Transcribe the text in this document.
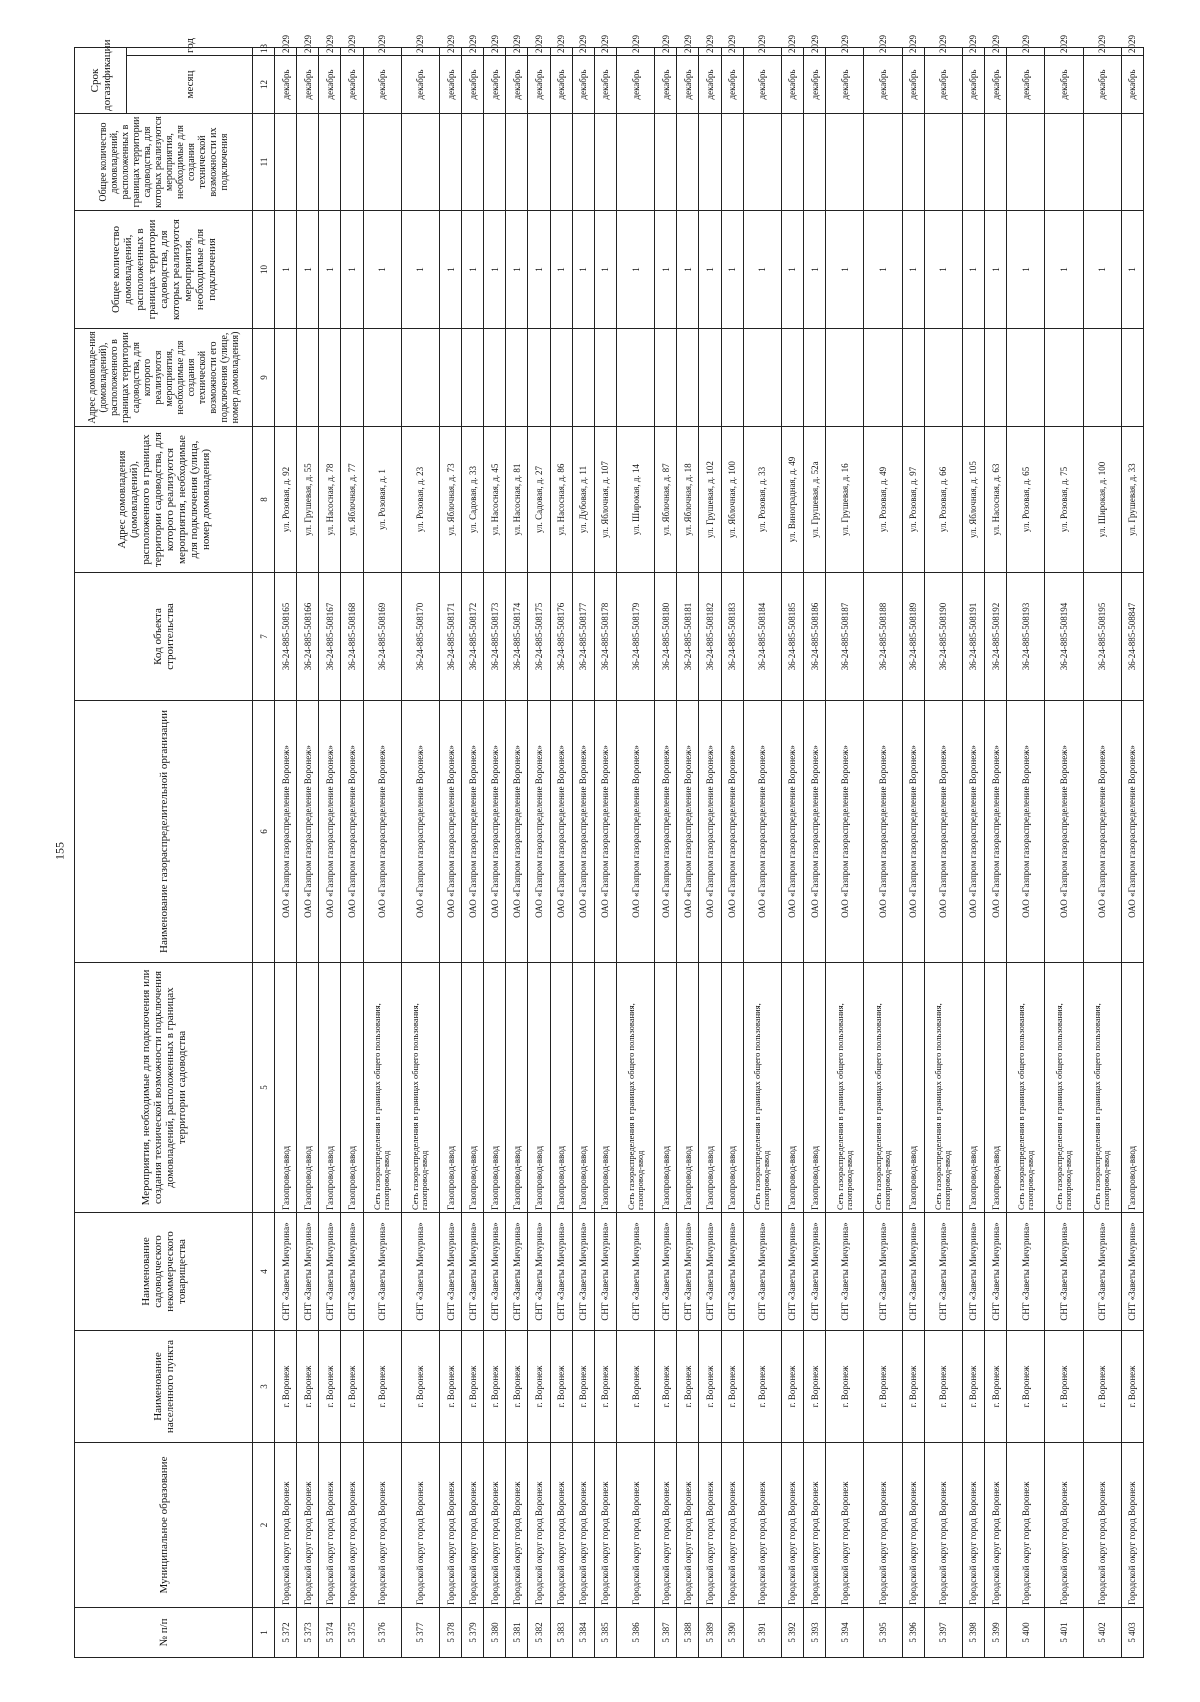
155
№ п/п	Муниципальное образование	Наименование населенного пункта	Наименование садоводческого некоммерческого товарищества	Мероприятия, необходимые для подключения или создания технической возможности подключения домовладений, расположенных в границах территории садоводства	Наименование газораспределительной организации	Код объекта строительства	Адрес домовладения (домовладений), расположенного в границах территории садоводства, для которого реализуются мероприятия, необходимые для подключения (улица, номер домовладения)	Адрес домовладе-ния (домовладений), расположенного в границах территории садоводства, для которого реализуются мероприятия, необходимые для создания технической возможности его подключения (улице, номер домовладения)	Общее количество домовладений, расположенных в границах территории садоводства, для которых реализуются мероприятия, необходимые для подключения	Общее количество домовладений, расположенных в границах территории садоводства, для которых реализуются мероприятия, необходимые для создания технической возможности их подключения	Срок догазификации	
											месяц	год
1	2	3	4	5	6	7	8	9	10	11	12	13
5 372	Городской округ город Воронеж	г. Воронеж	СНТ «Заветы Мичурина»	Газопровод-ввод	ОАО «Газпром газораспределение Воронеж»	36-24-885-508165	ул. Розовая, д. 92		1		декабрь	2029
5 373	Городской округ город Воронеж	г. Воронеж	СНТ «Заветы Мичурина»	Газопровод-ввод	ОАО «Газпром газораспределение Воронеж»	36-24-885-508166	ул. Грушевая, д. 55		1		декабрь	2029
5 374	Городской округ город Воронеж	г. Воронеж	СНТ «Заветы Мичурина»	Газопровод-ввод	ОАО «Газпром газораспределение Воронеж»	36-24-885-508167	ул. Насосная, д. 78		1		декабрь	2029
5 375	Городской округ город Воронеж	г. Воронеж	СНТ «Заветы Мичурина»	Газопровод-ввод	ОАО «Газпром газораспределение Воронеж»	36-24-885-508168	ул. Яблочная, д. 77		1		декабрь	2029
5 376	Городской округ город Воронеж	г. Воронеж	СНТ «Заветы Мичурина»	Сеть газораспределения в границах общего пользования, газопровод-ввод	ОАО «Газпром газораспределение Воронеж»	36-24-885-508169	ул. Розовая, д. 1		1		декабрь	2029
5 377	Городской округ город Воронеж	г. Воронеж	СНТ «Заветы Мичурина»	Сеть газораспределения в границах общего пользования, газопровод-ввод	ОАО «Газпром газораспределение Воронеж»	36-24-885-508170	ул. Розовая, д. 23		1		декабрь	2029
5 378	Городской округ город Воронеж	г. Воронеж	СНТ «Заветы Мичурина»	Газопровод-ввод	ОАО «Газпром газораспределение Воронеж»	36-24-885-508171	ул. Яблочная, д. 73		1		декабрь	2029
5 379	Городской округ город Воронеж	г. Воронеж	СНТ «Заветы Мичурина»	Газопровод-ввод	ОАО «Газпром газораспределение Воронеж»	36-24-885-508172	ул. Садовая, д. 33		1		декабрь	2029
5 380	Городской округ город Воронеж	г. Воронеж	СНТ «Заветы Мичурина»	Газопровод-ввод	ОАО «Газпром газораспределение Воронеж»	36-24-885-508173	ул. Насосная, д. 45		1		декабрь	2029
5 381	Городской округ город Воронеж	г. Воронеж	СНТ «Заветы Мичурина»	Газопровод-ввод	ОАО «Газпром газораспределение Воронеж»	36-24-885-508174	ул. Насосная, д. 81		1		декабрь	2029
5 382	Городской округ город Воронеж	г. Воронеж	СНТ «Заветы Мичурина»	Газопровод-ввод	ОАО «Газпром газораспределение Воронеж»	36-24-885-508175	ул. Садовая, д. 27		1		декабрь	2029
5 383	Городской округ город Воронеж	г. Воронеж	СНТ «Заветы Мичурина»	Газопровод-ввод	ОАО «Газпром газораспределение Воронеж»	36-24-885-508176	ул. Насосная, д. 86		1		декабрь	2029
5 384	Городской округ город Воронеж	г. Воронеж	СНТ «Заветы Мичурина»	Газопровод-ввод	ОАО «Газпром газораспределение Воронеж»	36-24-885-508177	ул. Дубовая, д. 11		1		декабрь	2029
5 385	Городской округ город Воронеж	г. Воронеж	СНТ «Заветы Мичурина»	Газопровод-ввод	ОАО «Газпром газораспределение Воронеж»	36-24-885-508178	ул. Яблочная, д. 107		1		декабрь	2029
5 386	Городской округ город Воронеж	г. Воронеж	СНТ «Заветы Мичурина»	Сеть газораспределения в границах общего пользования, газопровод-ввод	ОАО «Газпром газораспределение Воронеж»	36-24-885-508179	ул. Широкая, д. 14		1		декабрь	2029
5 387	Городской округ город Воронеж	г. Воронеж	СНТ «Заветы Мичурина»	Газопровод-ввод	ОАО «Газпром газораспределение Воронеж»	36-24-885-508180	ул. Яблочная, д. 87		1		декабрь	2029
5 388	Городской округ город Воронеж	г. Воронеж	СНТ «Заветы Мичурина»	Газопровод-ввод	ОАО «Газпром газораспределение Воронеж»	36-24-885-508181	ул. Яблочная, д. 18		1		декабрь	2029
5 389	Городской округ город Воронеж	г. Воронеж	СНТ «Заветы Мичурина»	Газопровод-ввод	ОАО «Газпром газораспределение Воронеж»	36-24-885-508182	ул. Грушевая, д. 102		1		декабрь	2029
5 390	Городской округ город Воронеж	г. Воронеж	СНТ «Заветы Мичурина»	Газопровод-ввод	ОАО «Газпром газораспределение Воронеж»	36-24-885-508183	ул. Яблочная, д. 100		1		декабрь	2029
5 391	Городской округ город Воронеж	г. Воронеж	СНТ «Заветы Мичурина»	Сеть газораспределения в границах общего пользования, газопровод-ввод	ОАО «Газпром газораспределение Воронеж»	36-24-885-508184	ул. Розовая, д. 33		1		декабрь	2029
5 392	Городской округ город Воронеж	г. Воронеж	СНТ «Заветы Мичурина»	Газопровод-ввод	ОАО «Газпром газораспределение Воронеж»	36-24-885-508185	ул. Виноградная, д. 49		1		декабрь	2029
5 393	Городской округ город Воронеж	г. Воронеж	СНТ «Заветы Мичурина»	Газопровод-ввод	ОАО «Газпром газораспределение Воронеж»	36-24-885-508186	ул. Грушевая, д. 52а		1		декабрь	2029
5 394	Городской округ город Воронеж	г. Воронеж	СНТ «Заветы Мичурина»	Сеть газораспределения в границах общего пользования, газопровод-ввод	ОАО «Газпром газораспределение Воронеж»	36-24-885-508187	ул. Грушевая, д. 16		1		декабрь	2029
5 395	Городской округ город Воронеж	г. Воронеж	СНТ «Заветы Мичурина»	Сеть газораспределения в границах общего пользования, газопровод-ввод	ОАО «Газпром газораспределение Воронеж»	36-24-885-508188	ул. Розовая, д. 49		1		декабрь	2029
5 396	Городской округ город Воронеж	г. Воронеж	СНТ «Заветы Мичурина»	Газопровод-ввод	ОАО «Газпром газораспределение Воронеж»	36-24-885-508189	ул. Розовая, д. 97		1		декабрь	2029
5 397	Городской округ город Воронеж	г. Воронеж	СНТ «Заветы Мичурина»	Сеть газораспределения в границах общего пользования, газопровод-ввод	ОАО «Газпром газораспределение Воронеж»	36-24-885-508190	ул. Розовая, д. 66		1		декабрь	2029
5 398	Городской округ город Воронеж	г. Воронеж	СНТ «Заветы Мичурина»	Газопровод-ввод	ОАО «Газпром газораспределение Воронеж»	36-24-885-508191	ул. Яблочная, д. 105		1		декабрь	2029
5 399	Городской округ город Воронеж	г. Воронеж	СНТ «Заветы Мичурина»	Газопровод-ввод	ОАО «Газпром газораспределение Воронеж»	36-24-885-508192	ул. Насосная, д. 63		1		декабрь	2029
5 400	Городской округ город Воронеж	г. Воронеж	СНТ «Заветы Мичурина»	Сеть газораспределения в границах общего пользования, газопровод-ввод	ОАО «Газпром газораспределение Воронеж»	36-24-885-508193	ул. Розовая, д. 65		1		декабрь	2029
5 401	Городской округ город Воронеж	г. Воронеж	СНТ «Заветы Мичурина»	Сеть газораспределения в границах общего пользования, газопровод-ввод	ОАО «Газпром газораспределение Воронеж»	36-24-885-508194	ул. Розовая, д. 75		1		декабрь	2029
5 402	Городской округ город Воронеж	г. Воронеж	СНТ «Заветы Мичурина»	Сеть газораспределения в границах общего пользования, газопровод-ввод	ОАО «Газпром газораспределение Воронеж»	36-24-885-508195	ул. Широкая, д. 100		1		декабрь	2029
5 403	Городской округ город Воронеж	г. Воронеж	СНТ «Заветы Мичурина»	Газопровод-ввод	ОАО «Газпром газораспределение Воронеж»	36-24-885-508847	ул. Грушевая, д. 33		1		декабрь	2029
